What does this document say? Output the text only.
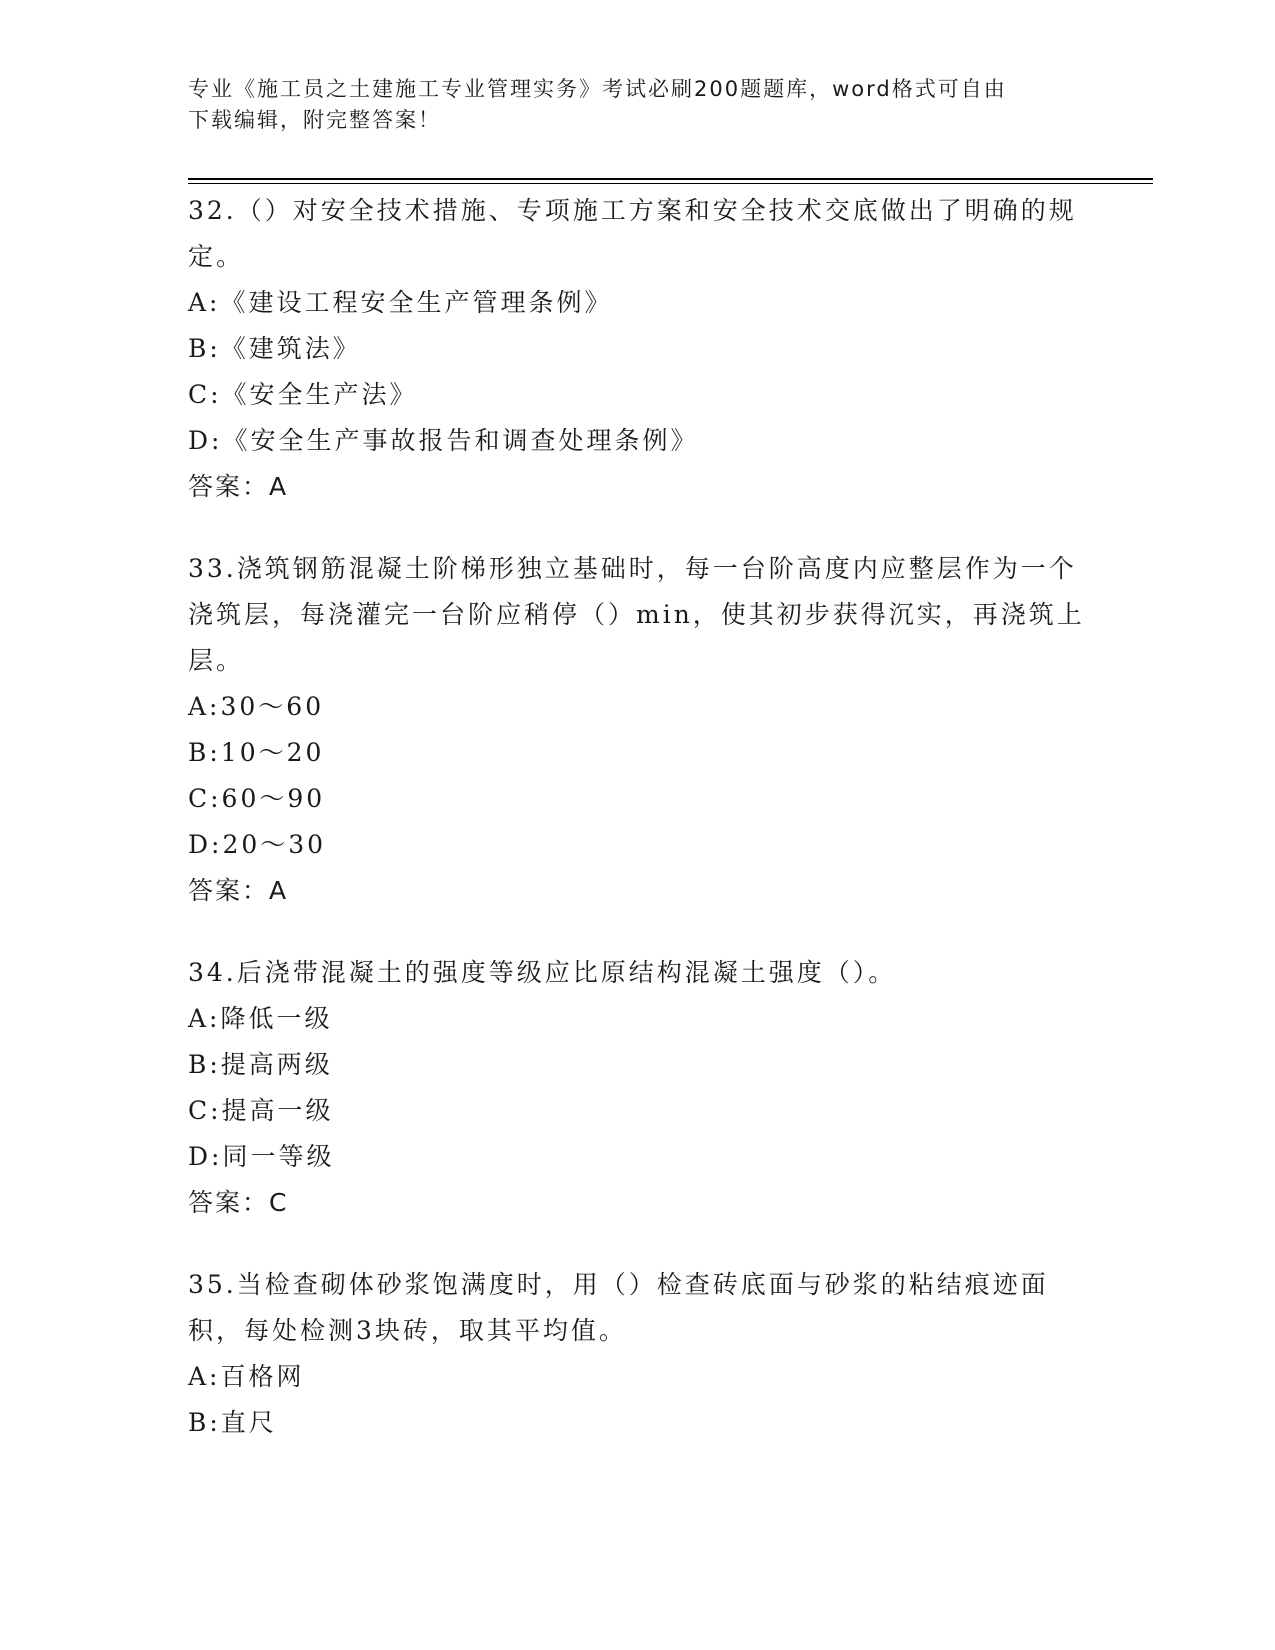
专业《施工员之土建施工专业管理实务》考试必刷200题题库，word格式可自由
下载编辑，附完整答案！

32.（）对安全技术措施、专项施工方案和安全技术交底做出了明确的规定。

A:《建设工程安全生产管理条例》

B:《建筑法》

C:《安全生产法》

D:《安全生产事故报告和调查处理条例》

答案：A

33.浇筑钢筋混凝土阶梯形独立基础时，每一台阶高度内应整层作为一个浇筑层，每浇灌完一台阶应稍停（）min，使其初步获得沉实，再浇筑上层。

A:30～60

B:10～20

C:60～90

D:20～30

答案：A

34.后浇带混凝土的强度等级应比原结构混凝土强度（）。

A:降低一级

B:提高两级

C:提高一级

D:同一等级

答案：C

35.当检查砌体砂浆饱满度时，用（）检查砖底面与砂浆的粘结痕迹面积，每处检测3块砖，取其平均值。

A:百格网

B:直尺
